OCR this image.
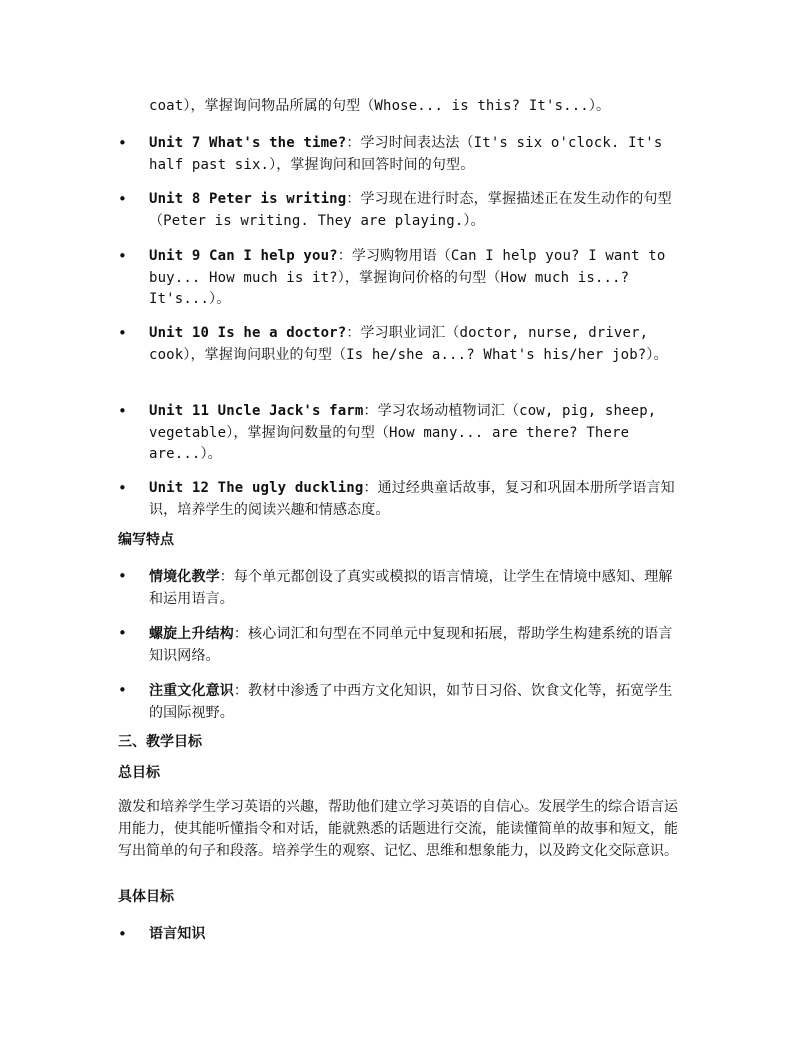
coat），掌握询问物品所属的句型（Whose... is this? It's...）。
• Unit 7 What's the time?：学习时间表达法（It's six o'clock. It's half past six.），掌握询问和回答时间的句型。
• Unit 8 Peter is writing：学习现在进行时态，掌握描述正在发生动作的句型（Peter is writing. They are playing.）。
• Unit 9 Can I help you?：学习购物用语（Can I help you? I want to buy... How much is it?），掌握询问价格的句型（How much is...? It's...）。
• Unit 10 Is he a doctor?：学习职业词汇（doctor, nurse, driver, cook），掌握询问职业的句型（Is he/she a...? What's his/her job?）。
• Unit 11 Uncle Jack's farm：学习农场动植物词汇（cow, pig, sheep, vegetable），掌握询问数量的句型（How many... are there? There are...）。
• Unit 12 The ugly duckling：通过经典童话故事，复习和巩固本册所学语言知识，培养学生的阅读兴趣和情感态度。
编写特点
• 情境化教学：每个单元都创设了真实或模拟的语言情境，让学生在情境中感知、理解和运用语言。
• 螺旋上升结构：核心词汇和句型在不同单元中复现和拓展，帮助学生构建系统的语言知识网络。
• 注重文化意识：教材中渗透了中西方文化知识，如节日习俗、饮食文化等，拓宽学生的国际视野。
三、教学目标
总目标
激发和培养学生学习英语的兴趣，帮助他们建立学习英语的自信心。发展学生的综合语言运用能力，使其能听懂指令和对话，能就熟悉的话题进行交流，能读懂简单的故事和短文，能写出简单的句子和段落。培养学生的观察、记忆、思维和想象能力，以及跨文化交际意识。
具体目标
• 语言知识
